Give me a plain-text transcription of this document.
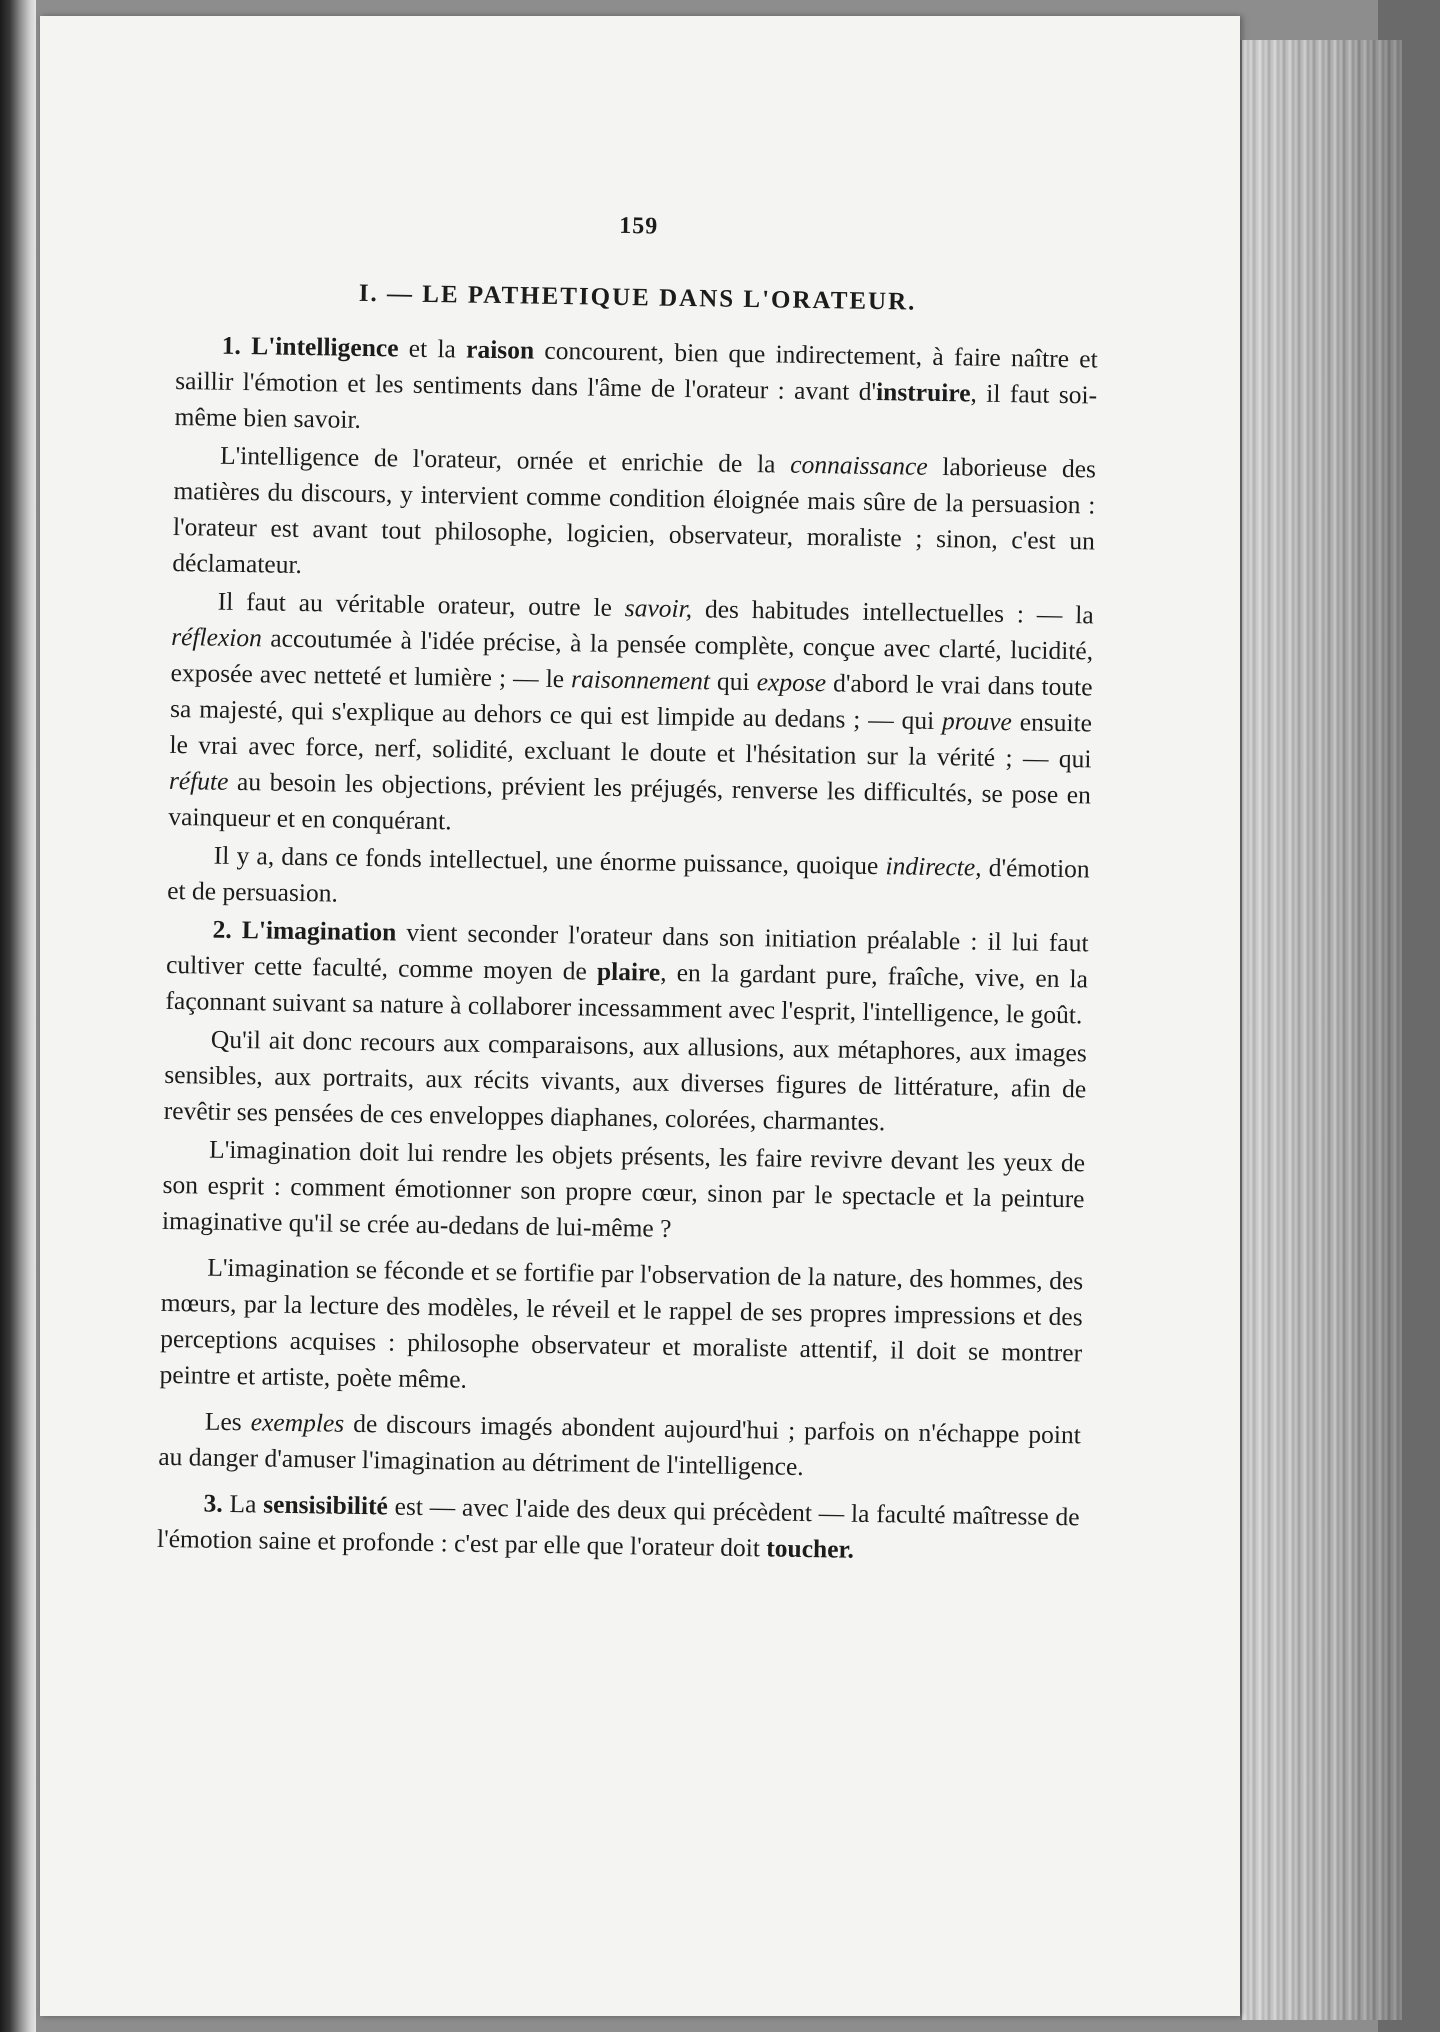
159
I. — LE PATHETIQUE DANS L'ORATEUR.

1. L'intelligence et la raison concourent, bien que indirectement, à faire naître et saillir l'émotion et les sentiments dans l'âme de l'orateur : avant d'instruire, il faut soi-même bien savoir.

L'intelligence de l'orateur, ornée et enrichie de la connaissance laborieuse des matières du discours, y intervient comme condition éloignée mais sûre de la persuasion : l'orateur est avant tout philosophe, logicien, observateur, moraliste ; sinon, c'est un déclamateur.

Il faut au véritable orateur, outre le savoir, des habitudes intellectuelles : — la réflexion accoutumée à l'idée précise, à la pensée complète, conçue avec clarté, lucidité, exposée avec netteté et lumière ; — le raisonnement qui expose d'abord le vrai dans toute sa majesté, qui s'explique au dehors ce qui est limpide au dedans ; — qui prouve ensuite le vrai avec force, nerf, solidité, excluant le doute et l'hésitation sur la vérité ; — qui réfute au besoin les objections, prévient les préjugés, renverse les difficultés, se pose en vainqueur et en conquérant.

Il y a, dans ce fonds intellectuel, une énorme puissance, quoique indirecte, d'émotion et de persuasion.

2. L'imagination vient seconder l'orateur dans son initiation préalable : il lui faut cultiver cette faculté, comme moyen de plaire, en la gardant pure, fraîche, vive, en la façonnant suivant sa nature à collaborer incessamment avec l'esprit, l'intelligence, le goût.

Qu'il ait donc recours aux comparaisons, aux allusions, aux métaphores, aux images sensibles, aux portraits, aux récits vivants, aux diverses figures de littérature, afin de revêtir ses pensées de ces enveloppes diaphanes, colorées, charmantes.

L'imagination doit lui rendre les objets présents, les faire revivre devant les yeux de son esprit : comment émotionner son propre cœur, sinon par le spectacle et la peinture imaginative qu'il se crée au-dedans de lui-même ?

L'imagination se féconde et se fortifie par l'observation de la nature, des hommes, des mœurs, par la lecture des modèles, le réveil et le rappel de ses propres impressions et des perceptions acquises : philosophe observateur et moraliste attentif, il doit se montrer peintre et artiste, poète même.

Les exemples de discours imagés abondent aujourd'hui ; parfois on n'échappe point au danger d'amuser l'imagination au détriment de l'intelligence.

3. La sensisibilité est — avec l'aide des deux qui précèdent — la faculté maîtresse de l'émotion saine et profonde : c'est par elle que l'orateur doit toucher.
